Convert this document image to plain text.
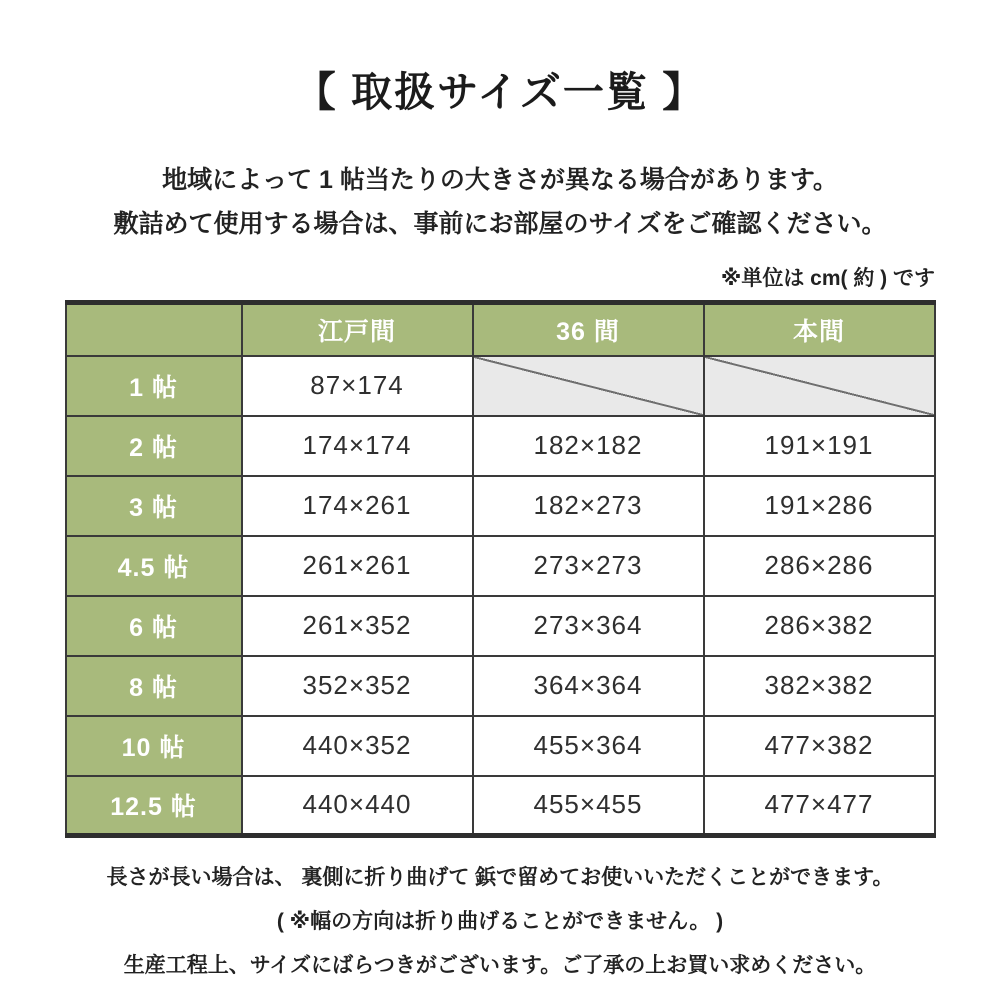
【 取扱サイズ一覧 】
地域によって 1 帖当たりの大きさが異なる場合があります。
敷詰めて使用する場合は、事前にお部屋のサイズをご確認ください。
※単位は cm( 約 ) です
	江戸間	36 間	本間
1 帖	87×174		
2 帖	174×174	182×182	191×191
3 帖	174×261	182×273	191×286
4.5 帖	261×261	273×273	286×286
6 帖	261×352	273×364	286×382
8 帖	352×352	364×364	382×382
10 帖	440×352	455×364	477×382
12.5 帖	440×440	455×455	477×477
長さが長い場合は、 裏側に折り曲げて 鋲で留めてお使いいただくことができます。
( ※幅の方向は折り曲げることができません。 )
生産工程上、サイズにばらつきがございます。ご了承の上お買い求めください。
